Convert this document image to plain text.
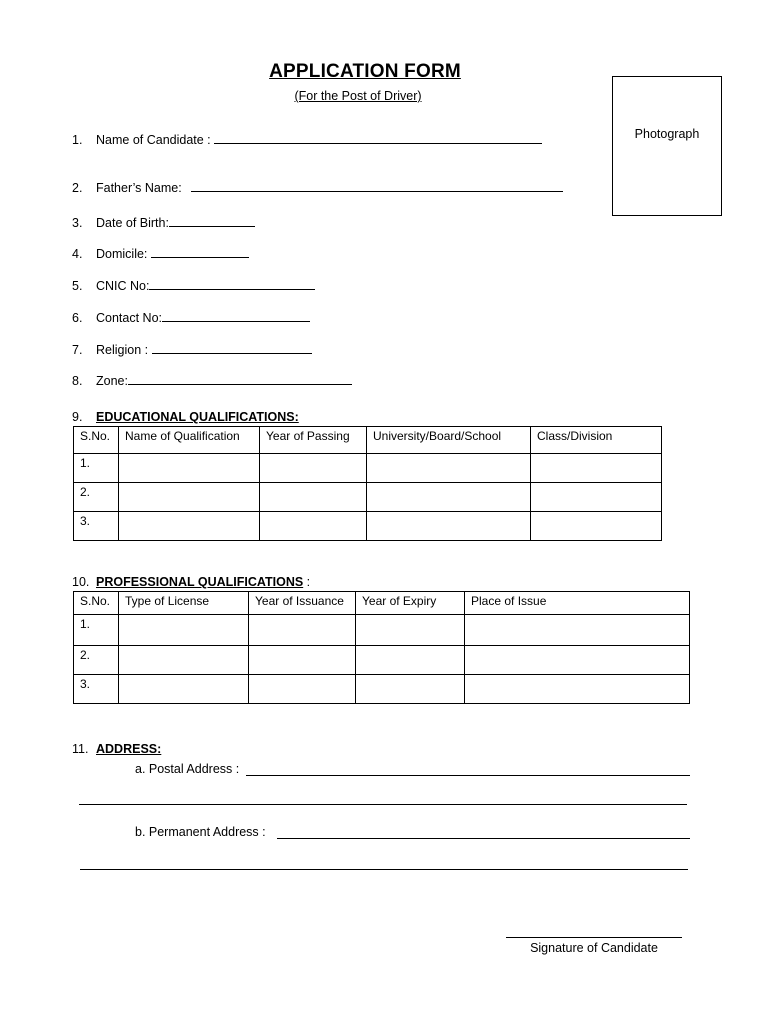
APPLICATION FORM
(For the Post of Driver)
Photograph
1. Name of Candidate :
2. Father’s Name:
3. Date of Birth:
4. Domicile:
5. CNIC No:
6. Contact No:
7. Religion :
8. Zone:
9. EDUCATIONAL QUALIFICATIONS:
S.No.	Name of Qualification	Year of Passing	University/Board/School	Class/Division
1.				
2.				
3.				
10. PROFESSIONAL QUALIFICATIONS :
S.No.	Type of License	Year of Issuance	Year of Expiry	Place of Issue
1.				
2.				
3.				
11. ADDRESS:
a. Postal Address :
b. Permanent Address :
Signature of Candidate
